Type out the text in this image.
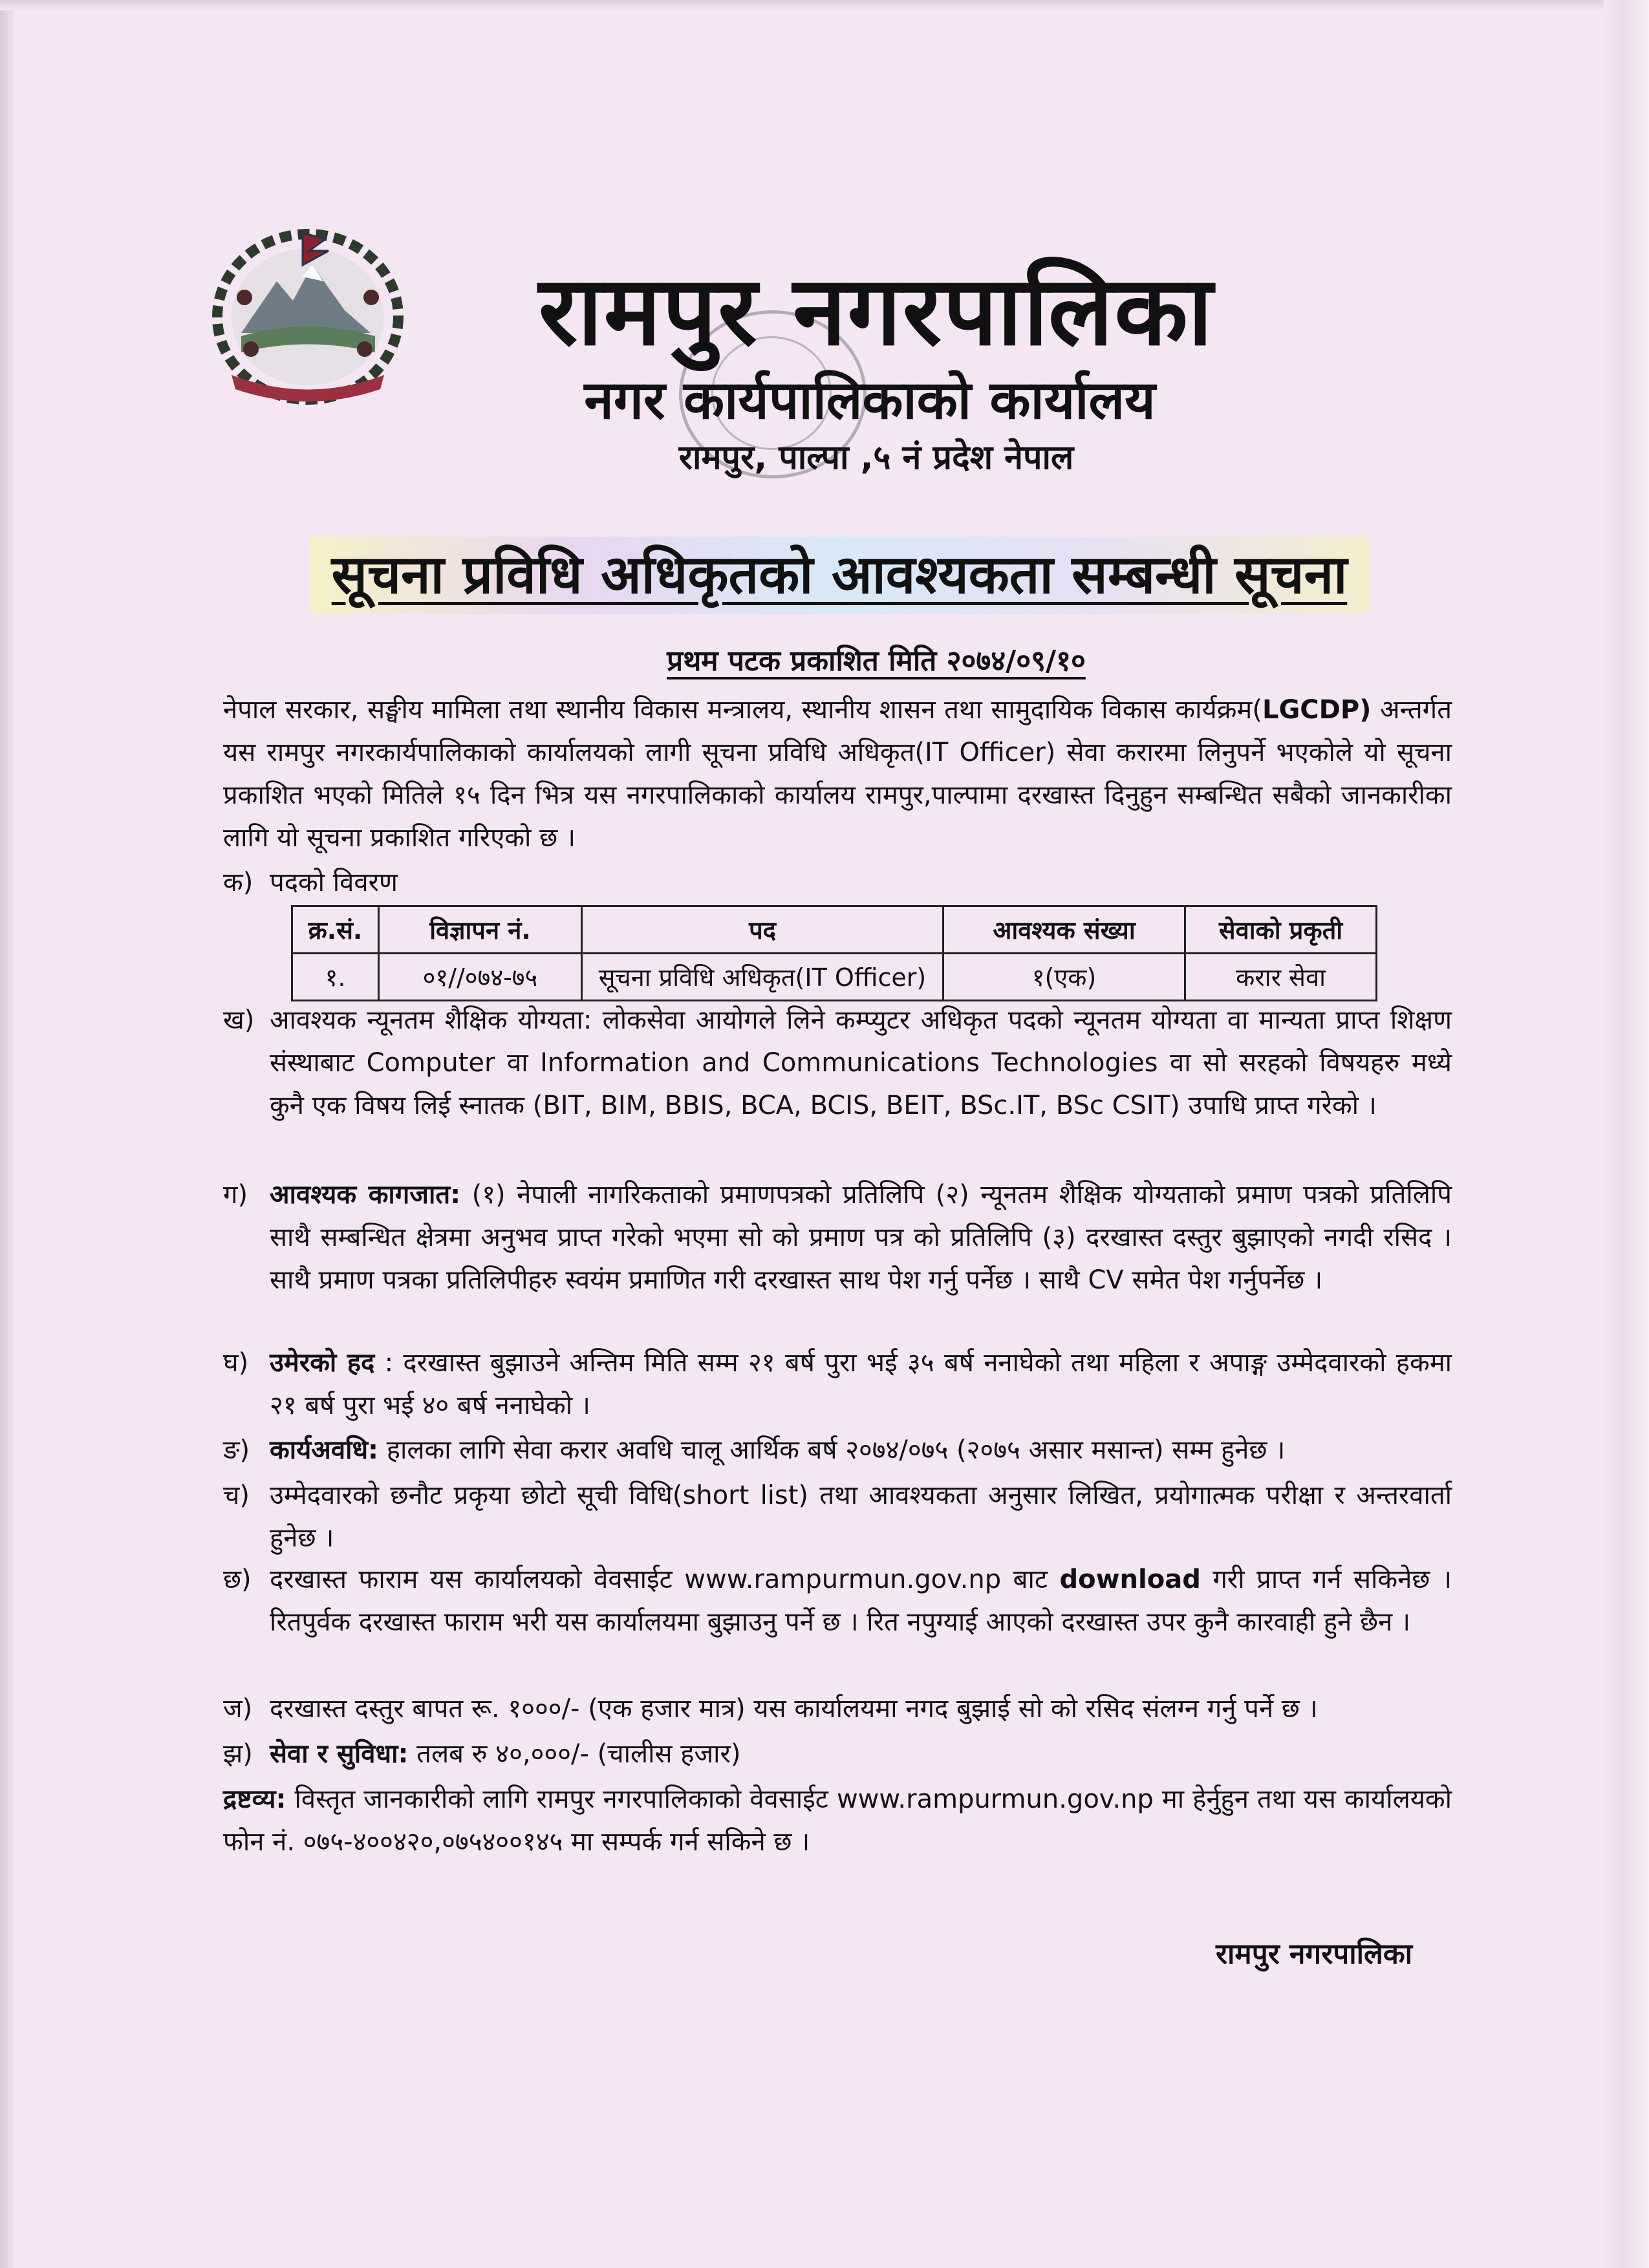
रामपुर नगरपालिका
नगर कार्यपालिकाको कार्यालय
रामपुर, पाल्पा ,५ नं प्रदेश नेपाल
सूचना प्रविधि अधिकृतको आवश्यकता सम्बन्धी सूचना
प्रथम पटक प्रकाशित मिति २०७४/०९/१०
नेपाल सरकार, सङ्घीय मामिला तथा स्थानीय विकास मन्त्रालय, स्थानीय शासन तथा सामुदायिक विकास कार्यक्रम(LGCDP) अन्तर्गत यस रामपुर नगरकार्यपालिकाको कार्यालयको लागी सूचना प्रविधि अधिकृत(IT Officer) सेवा करारमा लिनुपर्ने भएकोले यो सूचना प्रकाशित भएको मितिले १५ दिन भित्र यस नगरपालिकाको कार्यालय रामपुर,पाल्पामा दरखास्त दिनुहुन सम्बन्धित सबैको जानकारीका लागि यो सूचना प्रकाशित गरिएको छ ।
क) पदको विवरण
क्र.सं.	विज्ञापन नं.	पद	आवश्यक संख्या	सेवाको प्रकृती
१.	०१//०७४-७५	सूचना प्रविधि अधिकृत(IT Officer)	१(एक)	करार सेवा
ख) आवश्यक न्यूनतम शैक्षिक योग्यता: लोकसेवा आयोगले लिने कम्प्युटर अधिकृत पदको न्यूनतम योग्यता वा मान्यता प्राप्त शिक्षण संस्थाबाट Computer वा Information and Communications Technologies वा सो सरहको विषयहरु मध्ये कुनै एक विषय लिई स्नातक (BIT, BIM, BBIS, BCA, BCIS, BEIT, BSc.IT, BSc CSIT) उपाधि प्राप्त गरेको ।
ग) आवश्यक कागजात: (१) नेपाली नागरिकताको प्रमाणपत्रको प्रतिलिपि (२) न्यूनतम शैक्षिक योग्यताको प्रमाण पत्रको प्रतिलिपि साथै सम्बन्धित क्षेत्रमा अनुभव प्राप्त गरेको भएमा सो को प्रमाण पत्र को प्रतिलिपि (३) दरखास्त दस्तुर बुझाएको नगदी रसिद । साथै प्रमाण पत्रका प्रतिलिपीहरु स्वयंम प्रमाणित गरी दरखास्त साथ पेश गर्नु पर्नेछ । साथै CV समेत पेश गर्नुपर्नेछ ।
घ) उमेरको हद : दरखास्त बुझाउने अन्तिम मिति सम्म २१ बर्ष पुरा भई ३५ बर्ष ननाघेको तथा महिला र अपाङ्ग उम्मेदवारको हकमा २१ बर्ष पुरा भई ४० बर्ष ननाघेको ।
ङ) कार्यअवधि: हालका लागि सेवा करार अवधि चालू आर्थिक बर्ष २०७४/०७५ (२०७५ असार मसान्त) सम्म हुनेछ ।
च) उम्मेदवारको छनौट प्रकृया छोटो सूची विधि(short list) तथा आवश्यकता अनुसार लिखित, प्रयोगात्मक परीक्षा र अन्तरवार्ता हुनेछ ।
छ) दरखास्त फाराम यस कार्यालयको वेवसाईट www.rampurmun.gov.np बाट download गरी प्राप्त गर्न सकिनेछ । रितपुर्वक दरखास्त फाराम भरी यस कार्यालयमा बुझाउनु पर्ने छ । रित नपुग्याई आएको दरखास्त उपर कुनै कारवाही हुने छैन ।
ज) दरखास्त दस्तुर बापत रू. १०००/- (एक हजार मात्र) यस कार्यालयमा नगद बुझाई सो को रसिद संलग्न गर्नु पर्ने छ ।
झ) सेवा र सुविधा: तलब रु ४०,०००/- (चालीस हजार)
द्रष्टव्य: विस्तृत जानकारीको लागि रामपुर नगरपालिकाको वेवसाईट www.rampurmun.gov.np मा हेर्नुहुन तथा यस कार्यालयको फोन नं. ०७५-४००४२०,०७५४००१४५ मा सम्पर्क गर्न सकिने छ ।
रामपुर नगरपालिका
